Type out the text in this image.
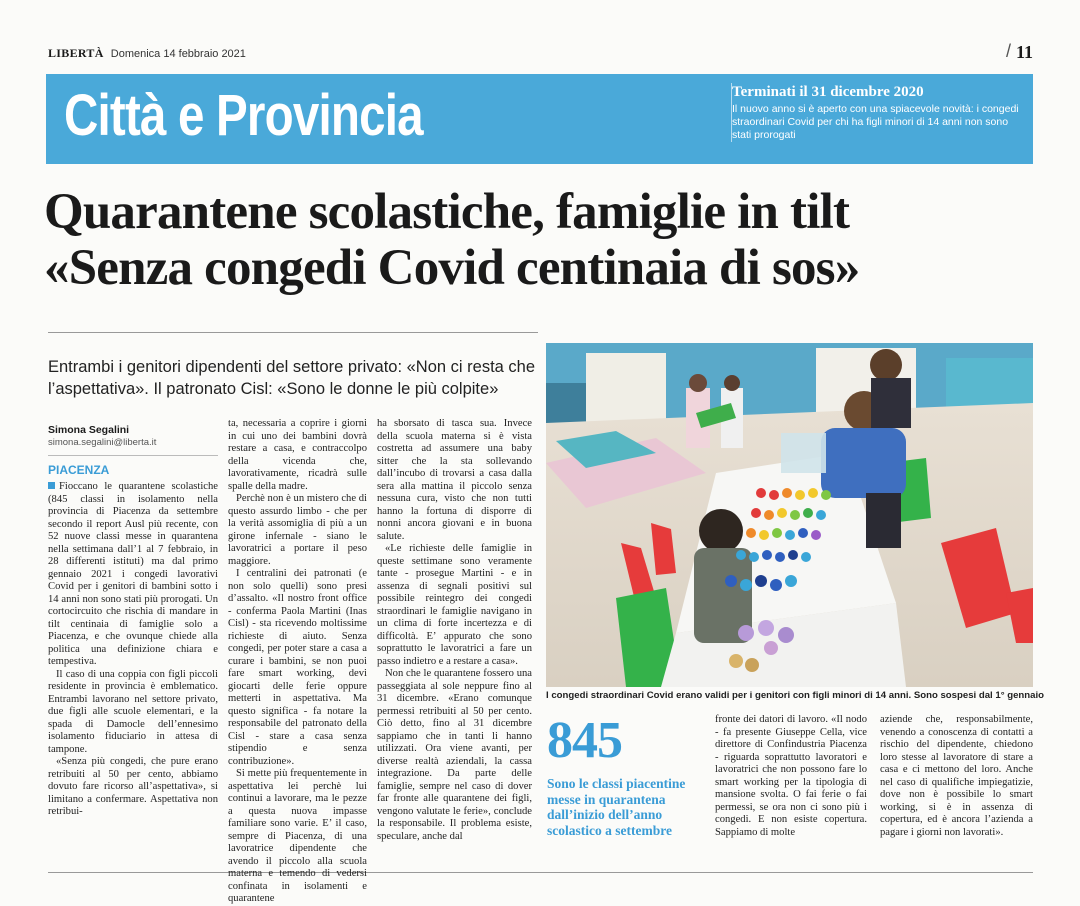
LIBERTÀ Domenica 14 febbraio 2021	/ 11
Città e Provincia	Terminati il 31 dicembre 2020
Il nuovo anno si è aperto con una spiacevole novità: i congedi straordinari Covid per chi ha figli minori di 14 anni non sono stati prorogati
Quarantene scolastiche, famiglie in tilt
«Senza congedi Covid centinaia di sos»
Entrambi i genitori dipendenti del settore privato: «Non ci resta che l’aspettativa». Il patronato Cisl: «Sono le donne le più colpite»
Simona Segalini
simona.segalini@liberta.it
PIACENZA

Fioccano le quarantene scolastiche (845 classi in isolamento nella provincia di Piacenza da settembre secondo il report Ausl più recente, con 52 nuove classi messe in quarantena nella settimana dall’1 al 7 febbraio, in 28 differenti istituti) ma dal primo gennaio 2021 i congedi lavorativi Covid per i genitori di bambini sotto i 14 anni non sono stati più prorogati. Un cortocircuito che rischia di mandare in tilt centinaia di famiglie solo a Piacenza, e che ovunque chiede alla politica una definizione chiara e tempestiva.

Il caso di una coppia con figli piccoli residente in provincia è emblematico. Entrambi lavorano nel settore privato, due figli alle scuole elementari, e la spada di Damocle dell’ennesimo isolamento fiduciario in attesa di tampone.

«Senza più congedi, che pure erano retribuiti al 50 per cento, abbiamo dovuto fare ricorso all’aspettativa», si limitano a confermare. Aspettativa non retribui-

ta, necessaria a coprire i giorni in cui uno dei bambini dovrà restare a casa, e contraccolpo della vicenda che, lavorativamente, ricadrà sulle spalle della madre.

Perchè non è un mistero che di questo assurdo limbo - che per la verità assomiglia di più a un girone infernale - siano le lavoratrici a portare il peso maggiore.

I centralini dei patronati (e non solo quelli) sono presi d’assalto. «Il nostro front office - conferma Paola Martini (Inas Cisl) - sta ricevendo moltissime richieste di aiuto. Senza congedi, per poter stare a casa a curare i bambini, se non puoi fare smart working, devi giocarti delle ferie oppure metterti in aspettativa. Ma questo significa - fa notare la responsabile del patronato della Cisl - stare a casa senza stipendio e senza contribuzione».

Si mette più frequentemente in aspettativa lei perchè lui continui a lavorare, ma le pezze a questa nuova impasse familiare sono varie. E’ il caso, sempre di Piacenza, di una lavoratrice dipendente che avendo il piccolo alla scuola materna e temendo di vedersi confinata in isolamenti e quarantene

ha sborsato di tasca sua. Invece della scuola materna si è vista costretta ad assumere una baby sitter che la sta sollevando dall’incubo di trovarsi a casa dalla sera alla mattina il piccolo senza nessuna cura, visto che non tutti hanno la fortuna di disporre di nonni ancora giovani e in buona salute.

«Le richieste delle famiglie in queste settimane sono veramente tante - prosegue Martini - e in assenza di segnali positivi sul possibile reintegro dei congedi straordinari le famiglie navigano in un clima di forte incertezza e di difficoltà. E’ appurato che sono soprattutto le lavoratrici a fare un passo indietro e a restare a casa».

Non che le quarantene fossero una passeggiata al sole neppure fino al 31 dicembre. «Erano comunque permessi retribuiti al 50 per cento. Ciò detto, fino al 31 dicembre sappiamo che in tanti li hanno utilizzati. Ora viene avanti, per diverse realtà aziendali, la cassa integrazione. Da parte delle famiglie, sempre nel caso di dover far fronte alle quarantene dei figli, vengono valutate le ferie», conclude la responsabile. Il problema esiste, speculare, anche dal

I congedi straordinari Covid erano validi per i genitori con figli minori di 14 anni. Sono sospesi dal 1° gennaio
845
Sono le classi piacentine messe in quarantena dall’inizio dell’anno scolastico a settembre

fronte dei datori di lavoro. «Il nodo - fa presente Giuseppe Cella, vice direttore di Confindustria Piacenza - riguarda soprattutto lavoratori e lavoratrici che non possono fare lo smart working per la tipologia di mansione svolta. O fai ferie o fai permessi, se ora non ci sono più i congedi. E non esiste copertura. Sappiamo di molte

aziende che, responsabilmente, venendo a conoscenza di contatti a rischio del dipendente, chiedono loro stesse al lavoratore di stare a casa e ci mettono del loro. Anche nel caso di qualifiche impiegatizie, dove non è possibile lo smart working, si è in assenza di copertura, ed è ancora l’azienda a pagare i giorni non lavorati».
